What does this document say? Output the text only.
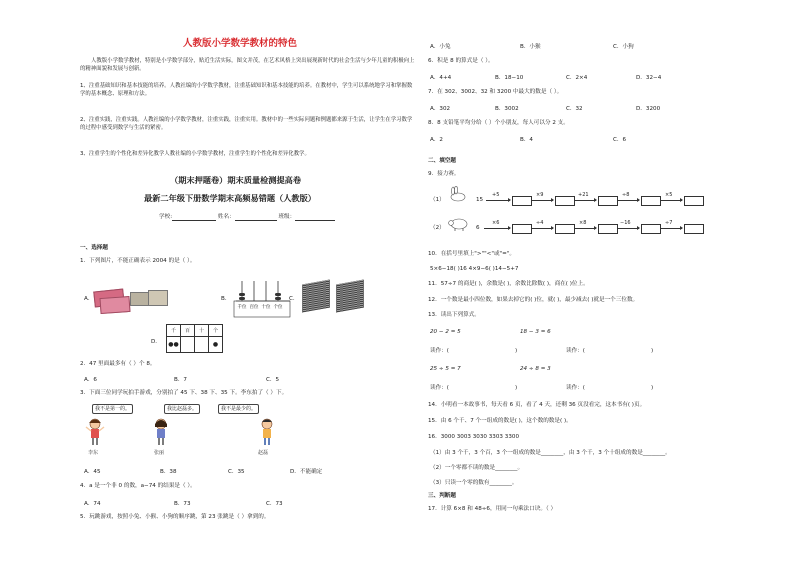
人教版小学数学教材的特色
人教版小学数学教材，特别是小学数学部分，贴近生活实际，图文并茂，在艺术风格上突出展现新时代的社会生活与少年儿童的积极向上的精神面貌和发展与创新。
1、注重基础知识和基本技能的培养。人教社编的小学数学教材，注重基础知识和基本技能的培养。在教材中，学生可以系统地学习和掌握数学的基本概念、原理和方法。
2、注重实践，注重实践。人教社编的小学数学教材，注重实践，注重实用。教材中的一些实际问题和例题都来源于生活，让学生在学习数学的过程中感受到数学与生活的紧密。
3、注重学生的个性化和差异化教学人教社编的小学数学教材，注重学生的个性化和差异化教学。
（期末押题卷）期末质量检测提高卷
最新二年级下册数学期末高频易错题（人教版）
学校:	姓名：	班级：
一、选择题
1．下列图片，不能正确表示 2004 的是（ ）。
A．	B．
千位 百位 十位 个位
C．
D．
千	百	十	个
●●			●
2．47 里面最多有（ ）个 8。
A．6	B．7	C．5
3．下面三位同学玩拍手游戏，分别拍了 45 下、38 下、35 下。李东拍了（ ）下。
我不是第一的。	我比赵磊多。	我不是最少的。
李东	张丽	赵磊
A．45	B．38	C．35	D．不能确定
4．a 是一个非 0 的数，a−74 的结果是（ ）。
A．74	B．73	C．73
5．玩跳游戏，按照小兔、小猴、小狗的顺序跳，第 23 张跳是（ ）拿到的。
A．小兔	B．小猴	C．小狗
6．积是 8 的算式是（ ）。
A．4+4	B．18−10	C．2×4	D．32−4
7．在 302、3002、32 和 3200 中最大的数是（ ）。
A．302	B．3002	C．32	D．3200
8．8 支铅笔平均分给（ ）个小朋友，每人可以分 2 支。
A．2	B．4	C．6
二、填空题
9．接力赛。
（1）	15
+5	×9	+21	÷8	×5
（2）	6
×6	÷4	×8	−16	÷7
10．在括号里填上">""<"或"="。
5×6−18( )16 4×9−6( )14−5+7
11．57÷7 的商是( )，余数是( )，余数比除数( )，商在( )位上。
12．一个数是最小四位数，如果去掉它的( )位，就( )，最少减去( )就是一个三位数。
13．读出下列算式。
20 − 2 = 5	18 − 3 = 6
读作：(	)	读作：(	)
25 ÷ 5 = 7	24 ÷ 8 = 3
读作：(	)	读作：(	)
14．小明看一本故事书，每天看 6 页，看了 4 天，还剩 36 页没看完，这本书有( )页。
15．由 6 个千、7 个一组成的数是( )，这个数的数是( )。
16．3000 3003 3030 3303 3300
（1）由 3 个千，3 个百，3 个一组成的数是________，由 3 个千，3 个十组成的数是________。
（2）一个零都不读的数是________。
（3）只读一个零的数有________。
三、判断题
17．计算 6×8 和 48÷6，用同一句乘法口诀。（ ）
